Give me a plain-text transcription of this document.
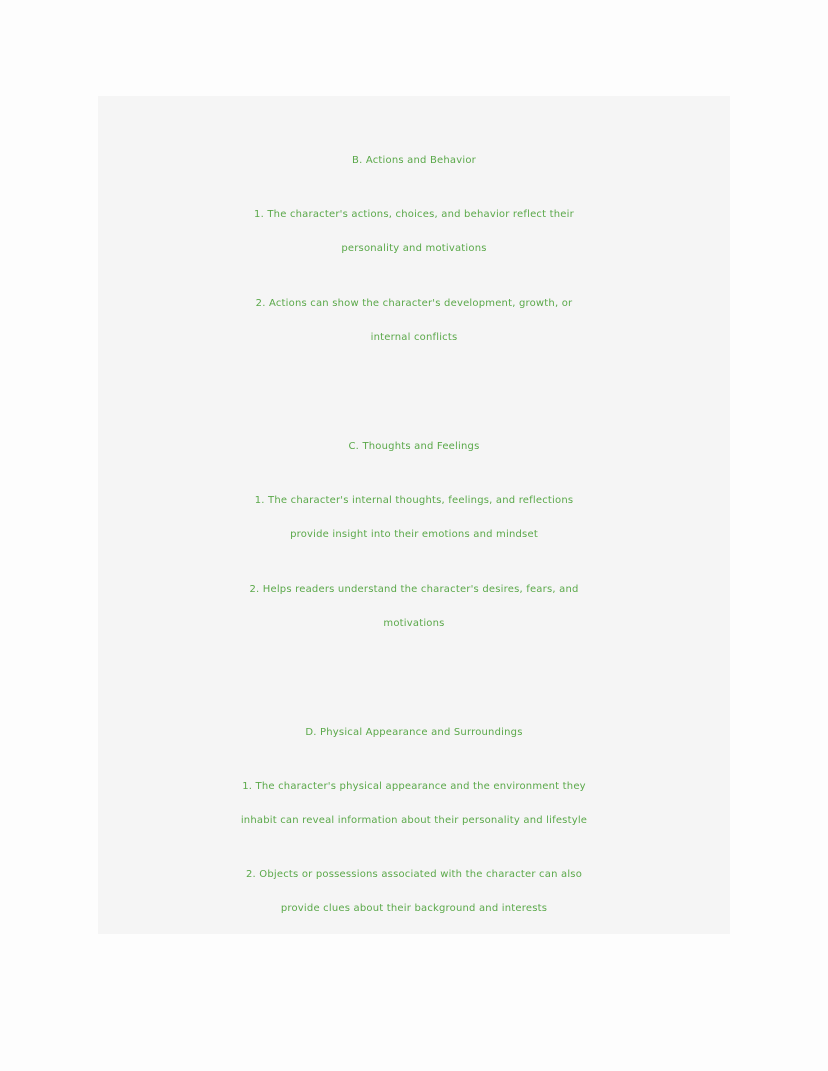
B. Actions and Behavior

1. The character's actions, choices, and behavior reflect their

personality and motivations

2. Actions can show the character's development, growth, or

internal conflicts

C. Thoughts and Feelings

1. The character's internal thoughts, feelings, and reflections

provide insight into their emotions and mindset

2. Helps readers understand the character's desires, fears, and

motivations

D. Physical Appearance and Surroundings

1. The character's physical appearance and the environment they

inhabit can reveal information about their personality and lifestyle

2. Objects or possessions associated with the character can also

provide clues about their background and interests
